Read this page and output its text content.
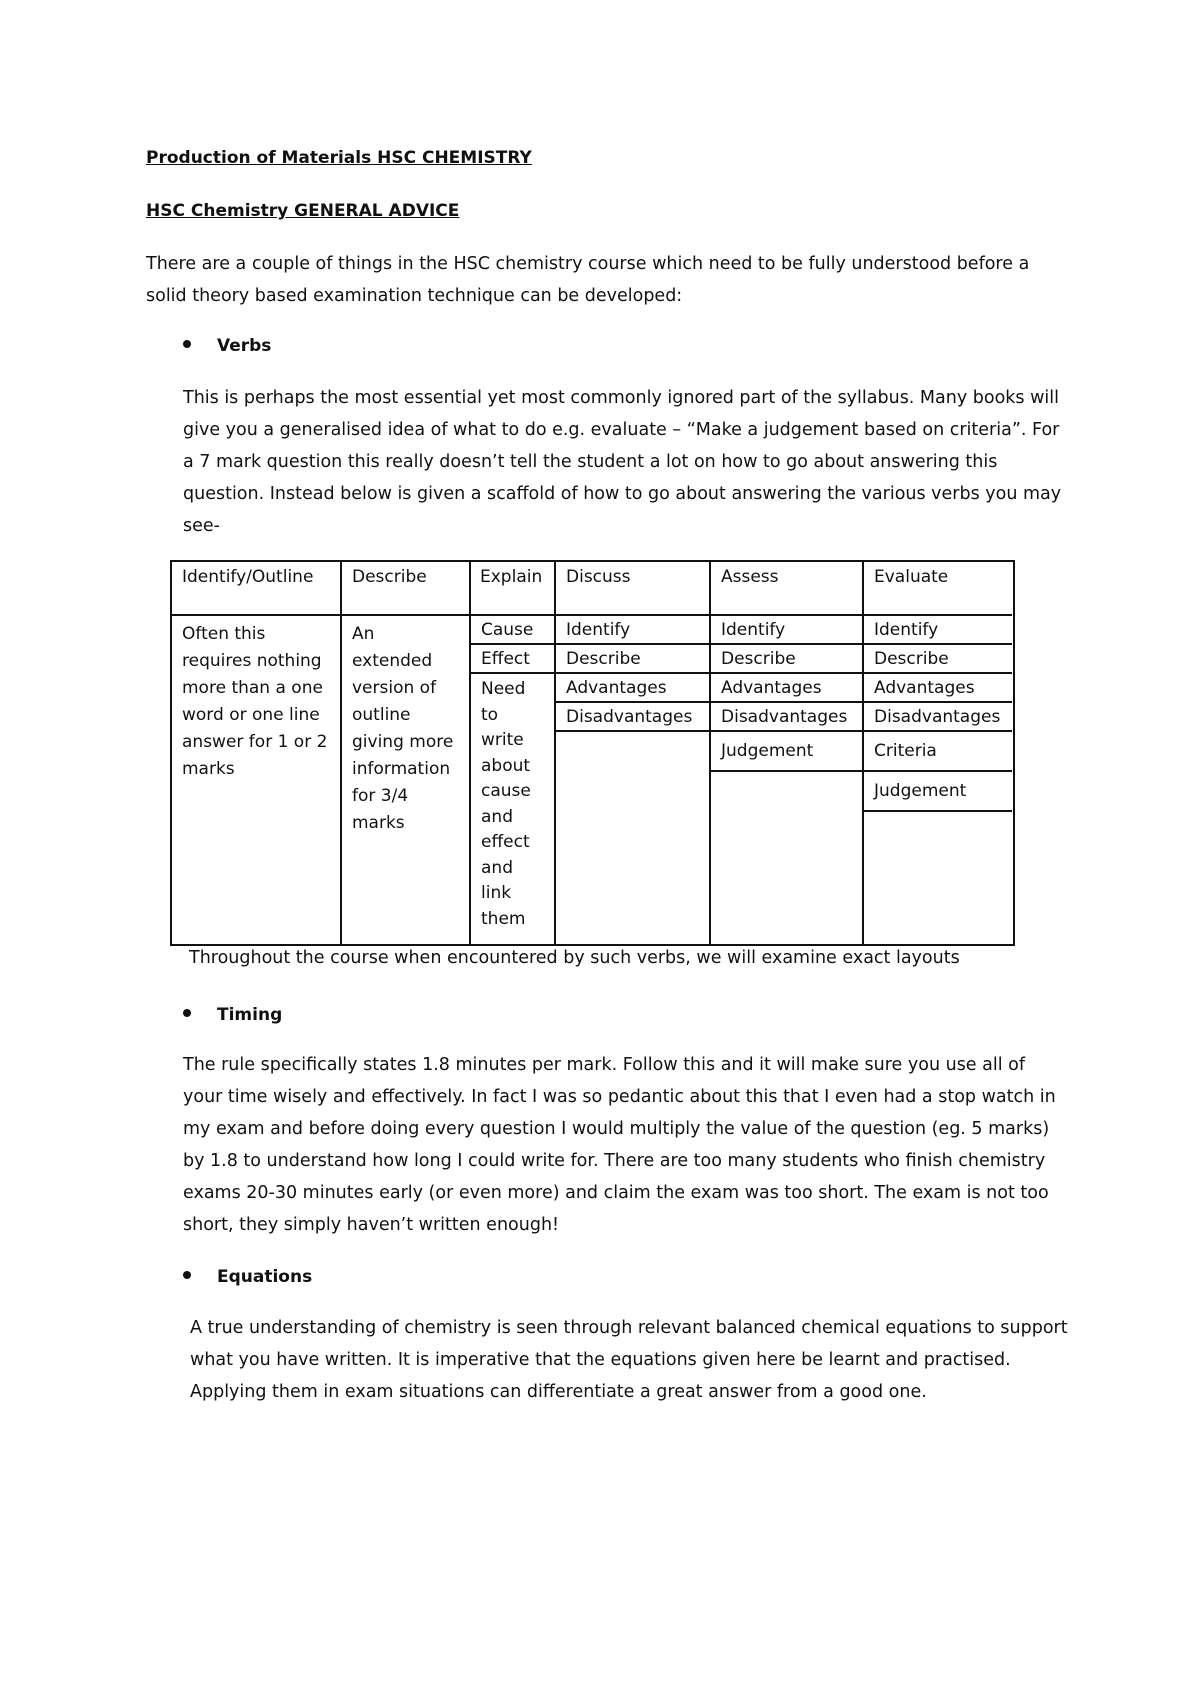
Production of Materials HSC CHEMISTRY
HSC Chemistry GENERAL ADVICE

There are a couple of things in the HSC chemistry course which need to be fully understood before a solid theory based examination technique can be developed:

Verbs

This is perhaps the most essential yet most commonly ignored part of the syllabus. Many books will give you a generalised idea of what to do e.g. evaluate – “Make a judgement based on criteria”. For a 7 mark question this really doesn’t tell the student a lot on how to go about answering this question. Instead below is given a scaffold of how to go about answering the various verbs you may see-

Identify/Outline
Often this requires nothing more than a one word or one line answer for 1 or 2 marks
Describe
An extended version of outline giving more information for 3/4 marks
Explain
Cause
Effect
Need to write about cause and effect and link them
Discuss
Identify
Describe
Advantages
Disadvantages
Assess
Identify
Describe
Advantages
Disadvantages
Judgement
Evaluate
Identify
Describe
Advantages
Disadvantages
Criteria
Judgement
Throughout the course when encountered by such verbs, we will examine exact layouts
Timing

The rule specifically states 1.8 minutes per mark. Follow this and it will make sure you use all of your time wisely and effectively. In fact I was so pedantic about this that I even had a stop watch in my exam and before doing every question I would multiply the value of the question (eg. 5 marks) by 1.8 to understand how long I could write for. There are too many students who finish chemistry exams 20-30 minutes early (or even more) and claim the exam was too short. The exam is not too short, they simply haven’t written enough!

Equations

A true understanding of chemistry is seen through relevant balanced chemical equations to support what you have written. It is imperative that the equations given here be learnt and practised. Applying them in exam situations can differentiate a great answer from a good one.
